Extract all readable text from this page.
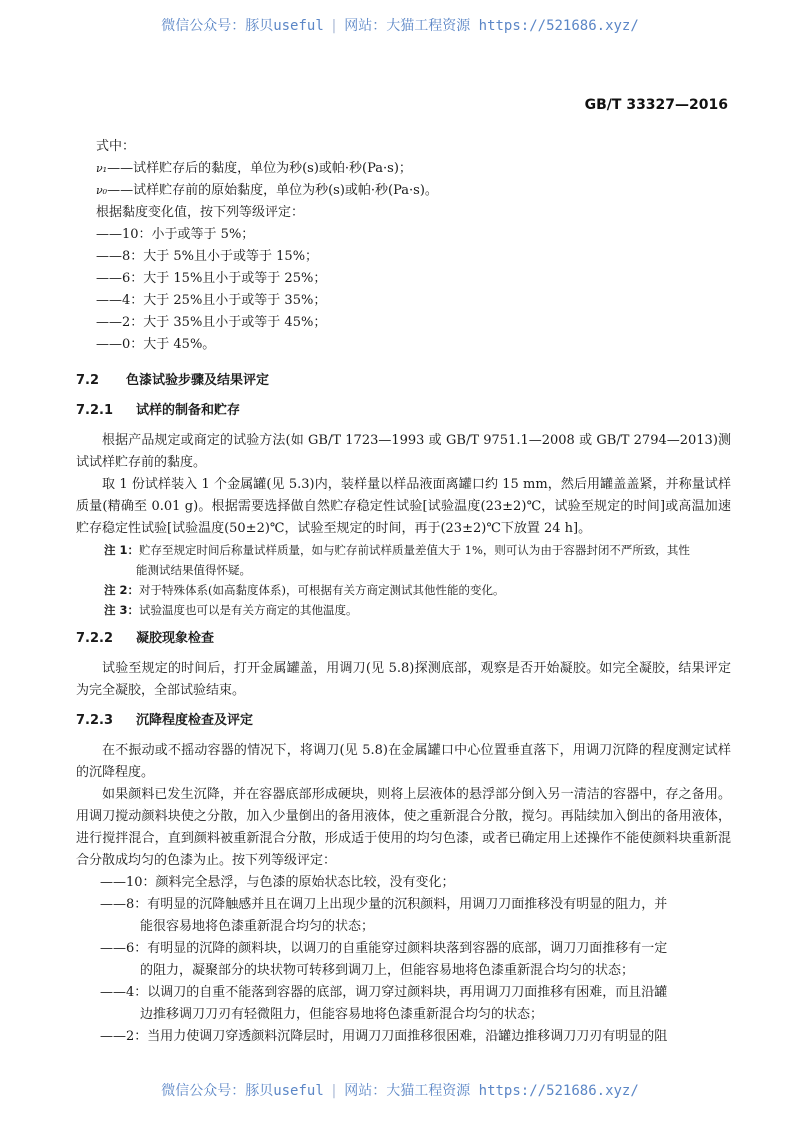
微信公众号：豚贝useful | 网站：大猫工程资源 https://521686.xyz/
GB/T 33327—2016
式中：
ν₁——试样贮存后的黏度，单位为秒(s)或帕·秒(Pa·s)；
ν₀——试样贮存前的原始黏度，单位为秒(s)或帕·秒(Pa·s)。
根据黏度变化值，按下列等级评定：
——10：小于或等于 5%；
——8：大于 5%且小于或等于 15%；
——6：大于 15%且小于或等于 25%；
——4：大于 25%且小于或等于 35%；
——2：大于 35%且小于或等于 45%；
——0：大于 45%。
7.2 色漆试验步骤及结果评定
7.2.1 试样的制备和贮存
根据产品规定或商定的试验方法(如 GB/T 1723—1993 或 GB/T 9751.1—2008 或 GB/T 2794—2013)测试试样贮存前的黏度。
取 1 份试样装入 1 个金属罐(见 5.3)内，装样量以样品液面离罐口约 15 mm，然后用罐盖盖紧，并称量试样质量(精确至 0.01 g)。根据需要选择做自然贮存稳定性试验[试验温度(23±2)℃，试验至规定的时间]或高温加速贮存稳定性试验[试验温度(50±2)℃，试验至规定的时间，再于(23±2)℃下放置 24 h]。
注 1：贮存至规定时间后称量试样质量，如与贮存前试样质量差值大于 1%，则可认为由于容器封闭不严所致，其性
能测试结果值得怀疑。
注 2：对于特殊体系(如高黏度体系)，可根据有关方商定测试其他性能的变化。
注 3：试验温度也可以是有关方商定的其他温度。
7.2.2 凝胶现象检查
试验至规定的时间后，打开金属罐盖，用调刀(见 5.8)探测底部，观察是否开始凝胶。如完全凝胶，结果评定为完全凝胶，全部试验结束。
7.2.3 沉降程度检查及评定
在不振动或不摇动容器的情况下，将调刀(见 5.8)在金属罐口中心位置垂直落下，用调刀沉降的程度测定试样的沉降程度。
如果颜料已发生沉降，并在容器底部形成硬块，则将上层液体的悬浮部分倒入另一清洁的容器中，存之备用。用调刀搅动颜料块使之分散，加入少量倒出的备用液体，使之重新混合分散，搅匀。再陆续加入倒出的备用液体，进行搅拌混合，直到颜料被重新混合分散，形成适于使用的均匀色漆，或者已确定用上述操作不能使颜料块重新混合分散成均匀的色漆为止。按下列等级评定：
——10：颜料完全悬浮，与色漆的原始状态比较，没有变化；
——8：有明显的沉降触感并且在调刀上出现少量的沉积颜料，用调刀刀面推移没有明显的阻力，并
能很容易地将色漆重新混合均匀的状态；
——6：有明显的沉降的颜料块，以调刀的自重能穿过颜料块落到容器的底部，调刀刀面推移有一定
的阻力，凝聚部分的块状物可转移到调刀上，但能容易地将色漆重新混合均匀的状态；
——4：以调刀的自重不能落到容器的底部，调刀穿过颜料块，再用调刀刀面推移有困难，而且沿罐
边推移调刀刀刃有轻微阻力，但能容易地将色漆重新混合均匀的状态；
——2：当用力使调刀穿透颜料沉降层时，用调刀刀面推移很困难，沿罐边推移调刀刀刃有明显的阻
微信公众号：豚贝useful | 网站：大猫工程资源 https://521686.xyz/
